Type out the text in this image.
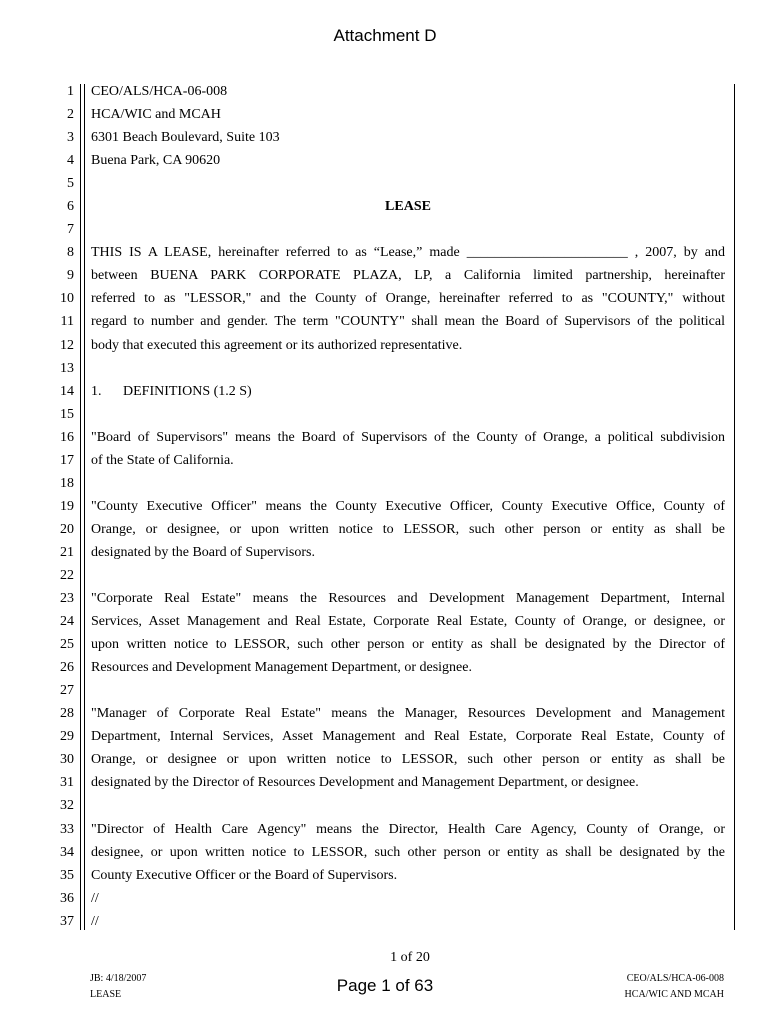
Attachment D
1
2
3
4
5
6
7
8
9
10
11
12
13
14
15
16
17
18
19
20
21
22
23
24
25
26
27
28
29
30
31
32
33
34
35
36
37
CEO/ALS/HCA-06-008
HCA/WIC and MCAH
6301 Beach Boulevard, Suite 103
Buena Park, CA 90620
LEASE
THIS IS A LEASE, hereinafter referred to as “Lease,” made _______________________ , 2007, by and
between BUENA PARK CORPORATE PLAZA, LP, a California limited partnership, hereinafter
referred to as "LESSOR," and the County of Orange, hereinafter referred to as "COUNTY," without
regard to number and gender. The term "COUNTY" shall mean the Board of Supervisors of the political
body that executed this agreement or its authorized representative.
1. DEFINITIONS (1.2 S)
"Board of Supervisors" means the Board of Supervisors of the County of Orange, a political subdivision
of the State of California.
"County Executive Officer" means the County Executive Officer, County Executive Office, County of
Orange, or designee, or upon written notice to LESSOR, such other person or entity as shall be
designated by the Board of Supervisors.
"Corporate Real Estate" means the Resources and Development Management Department, Internal
Services, Asset Management and Real Estate, Corporate Real Estate, County of Orange, or designee, or
upon written notice to LESSOR, such other person or entity as shall be designated by the Director of
Resources and Development Management Department, or designee.
"Manager of Corporate Real Estate" means the Manager, Resources Development and Management
Department, Internal Services, Asset Management and Real Estate, Corporate Real Estate, County of
Orange, or designee or upon written notice to LESSOR, such other person or entity as shall be
designated by the Director of Resources Development and Management Department, or designee.
"Director of Health Care Agency" means the Director, Health Care Agency, County of Orange, or
designee, or upon written notice to LESSOR, such other person or entity as shall be designated by the
County Executive Officer or the Board of Supervisors.
//
//
1 of 20
JB: 4/18/2007
LEASE	Page 1 of 63	CEO/ALS/HCA-06-008
HCA/WIC AND MCAH
